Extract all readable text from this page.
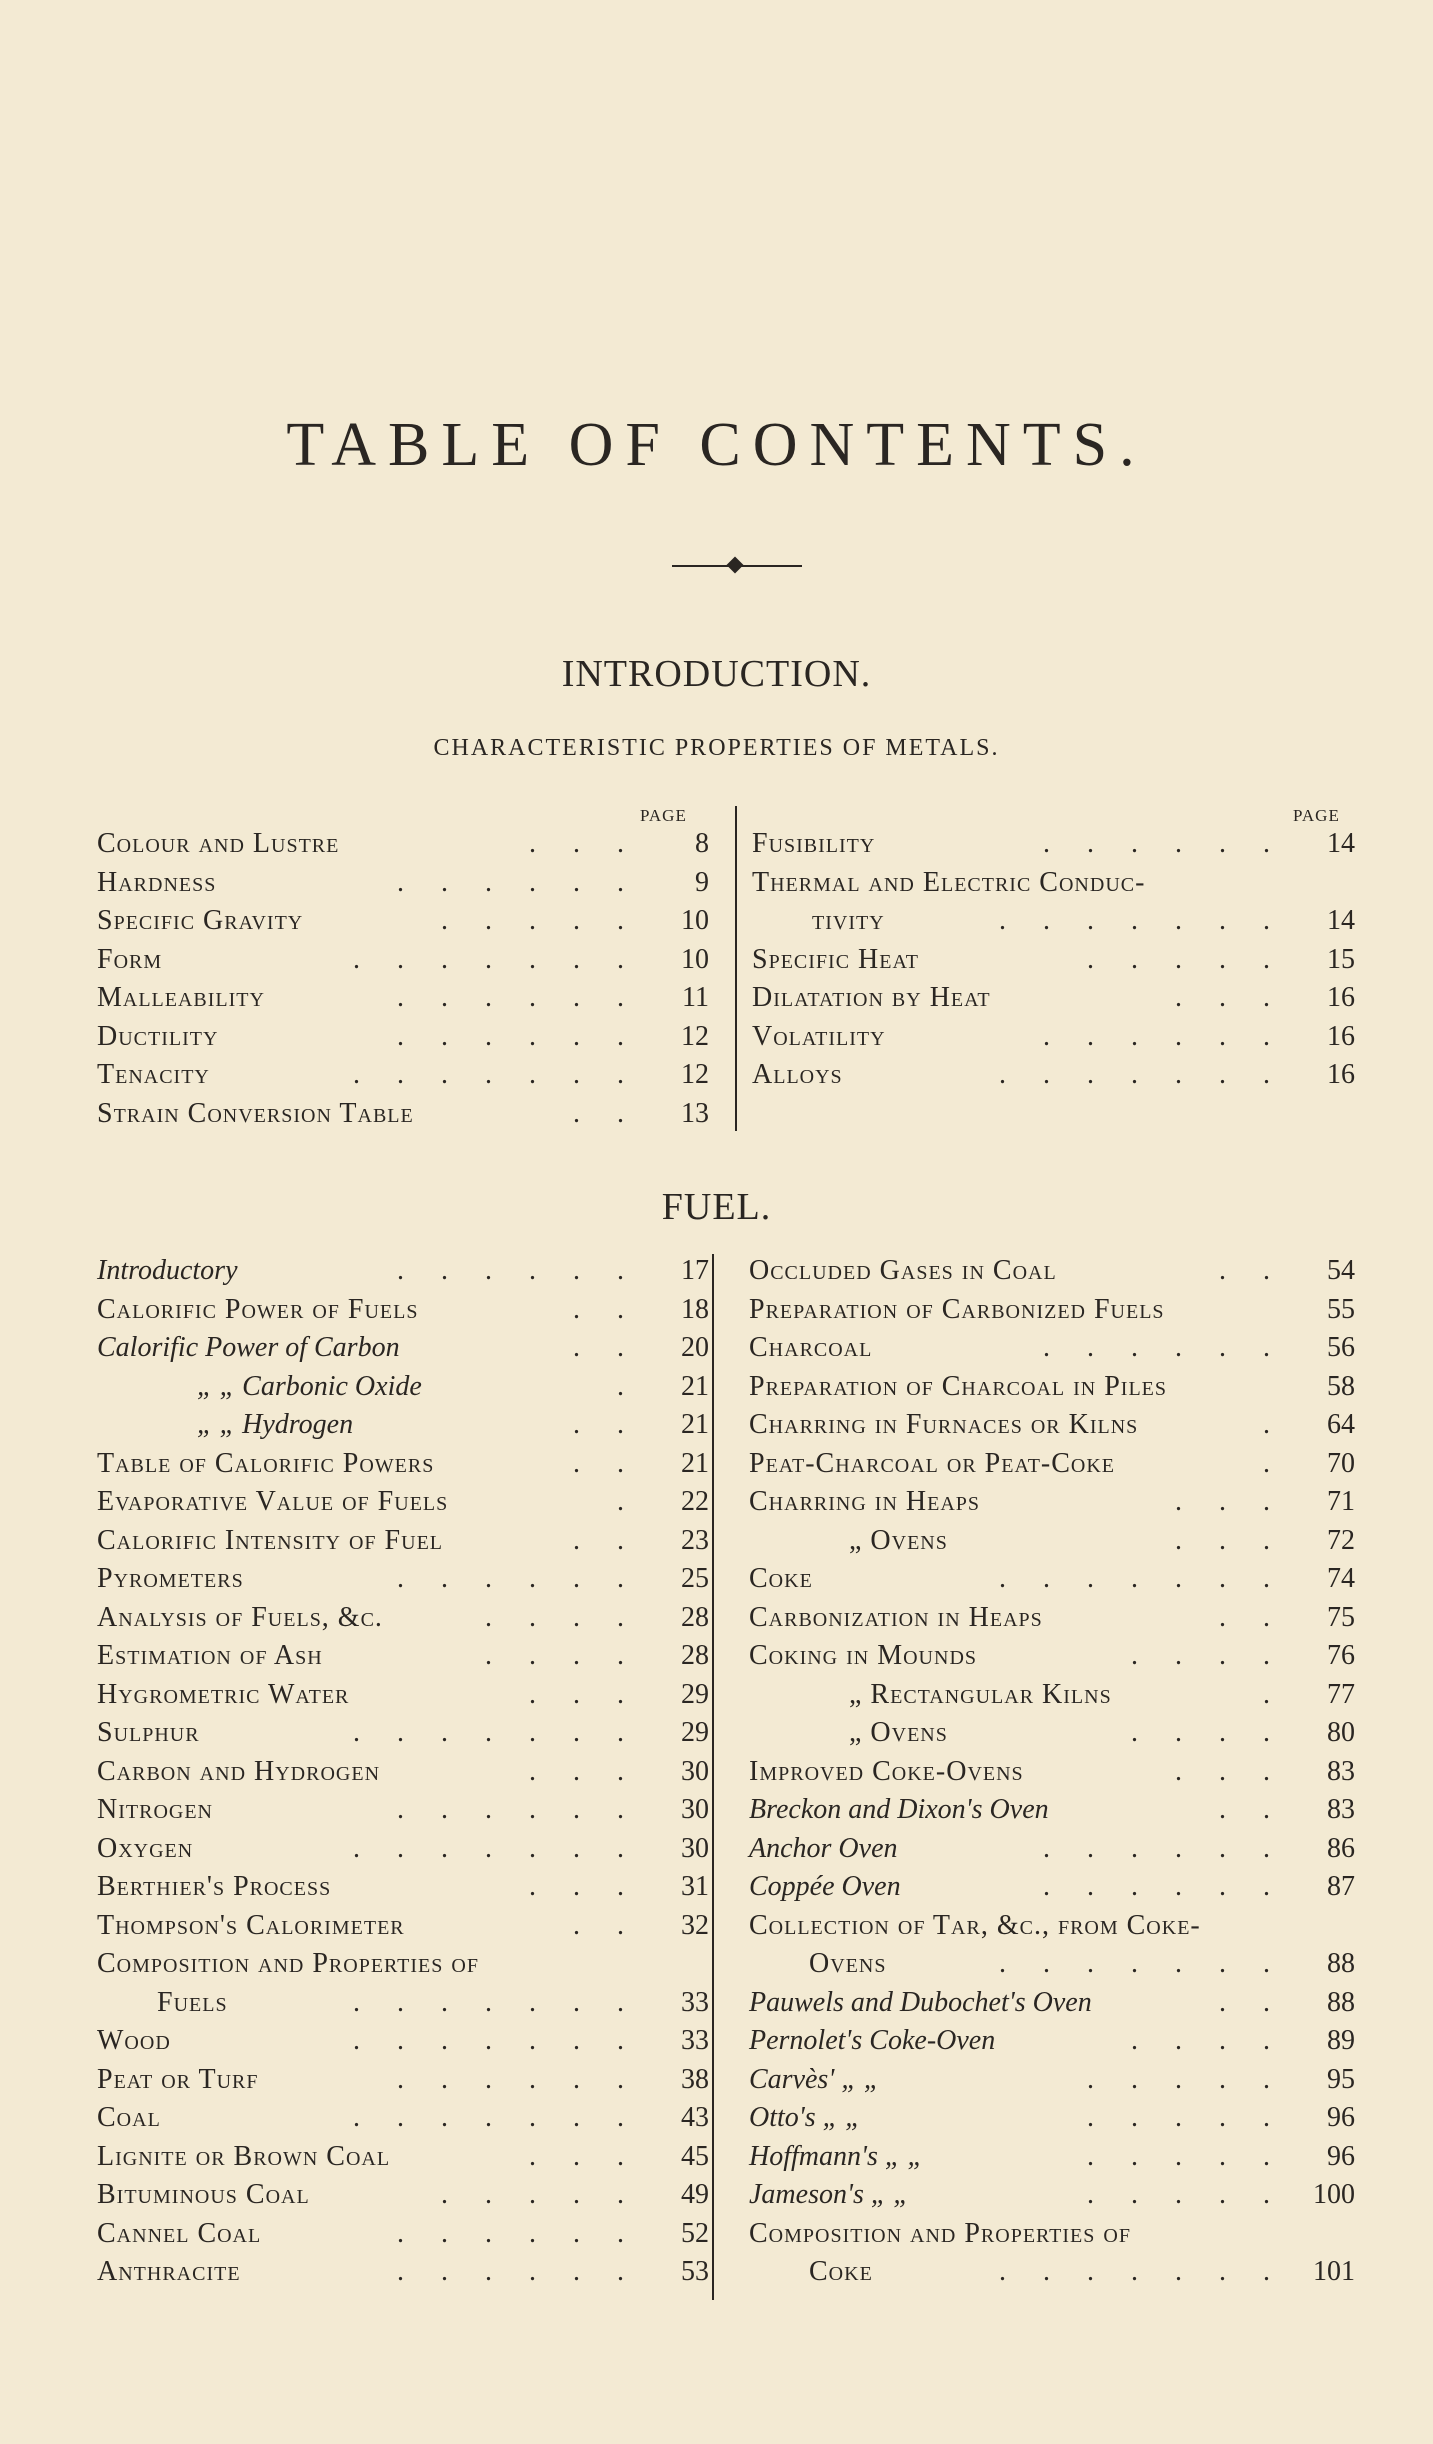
TABLE OF CONTENTS.
INTRODUCTION.
CHARACTERISTIC PROPERTIES OF METALS.
PAGE	PAGE
Colour and Lustre	. . .	8
Hardness	. . . . . .	9
Specific Gravity	. . . . .	10
Form	. . . . . . .	10
Malleability	. . . . . .	11
Ductility	. . . . . .	12
Tenacity	. . . . . . .	12
Strain Conversion Table	. .	13
Fusibility	. . . . . .	14
Thermal and Electric Conduc-
tivity	. . . . . . .	14
Specific Heat	. . . . .	15
Dilatation by Heat	. . .	16
Volatility	. . . . . .	16
Alloys	. . . . . . .	16
FUEL.
Introductory	. . . . . .	17
Calorific Power of Fuels	. .	18
Calorific Power of Carbon	. .	20
„ „ Carbonic Oxide	.	21
„ „ Hydrogen	. .	21
Table of Calorific Powers	. .	21
Evaporative Value of Fuels	.	22
Calorific Intensity of Fuel	. .	23
Pyrometers	. . . . . .	25
Analysis of Fuels, &c.	. . . .	28
Estimation of Ash	. . . .	28
Hygrometric Water	. . .	29
Sulphur	. . . . . . .	29
Carbon and Hydrogen	. . .	30
Nitrogen	. . . . . .	30
Oxygen	. . . . . . .	30
Berthier's Process	. . .	31
Thompson's Calorimeter	. .	32
Composition and Properties of
Fuels	. . . . . . .	33
Wood	. . . . . . .	33
Peat or Turf	. . . . . .	38
Coal	. . . . . . .	43
Lignite or Brown Coal	. . .	45
Bituminous Coal	. . . . .	49
Cannel Coal	. . . . . .	52
Anthracite	. . . . . .	53
Occluded Gases in Coal	. .	54
Preparation of Carbonized Fuels	55
Charcoal	. . . . . .	56
Preparation of Charcoal in Piles	58
Charring in Furnaces or Kilns	.	64
Peat-Charcoal or Peat-Coke	.	70
Charring in Heaps	. . .	71
„ Ovens	. . .	72
Coke	. . . . . . .	74
Carbonization in Heaps	. .	75
Coking in Mounds	. . . .	76
„ Rectangular Kilns	.	77
„ Ovens	. . . .	80
Improved Coke-Ovens	. . .	83
Breckon and Dixon's Oven	. .	83
Anchor Oven	. . . . . .	86
Coppée Oven	. . . . . .	87
Collection of Tar, &c., from Coke-
Ovens	. . . . . . .	88
Pauwels and Dubochet's Oven	. .	88
Pernolet's Coke-Oven	. . . .	89
Carvès' „ „	. . . . .	95
Otto's „ „	. . . . .	96
Hoffmann's „ „	. . . . .	96
Jameson's „ „	. . . . .	100
Composition and Properties of
Coke	. . . . . . .	101
